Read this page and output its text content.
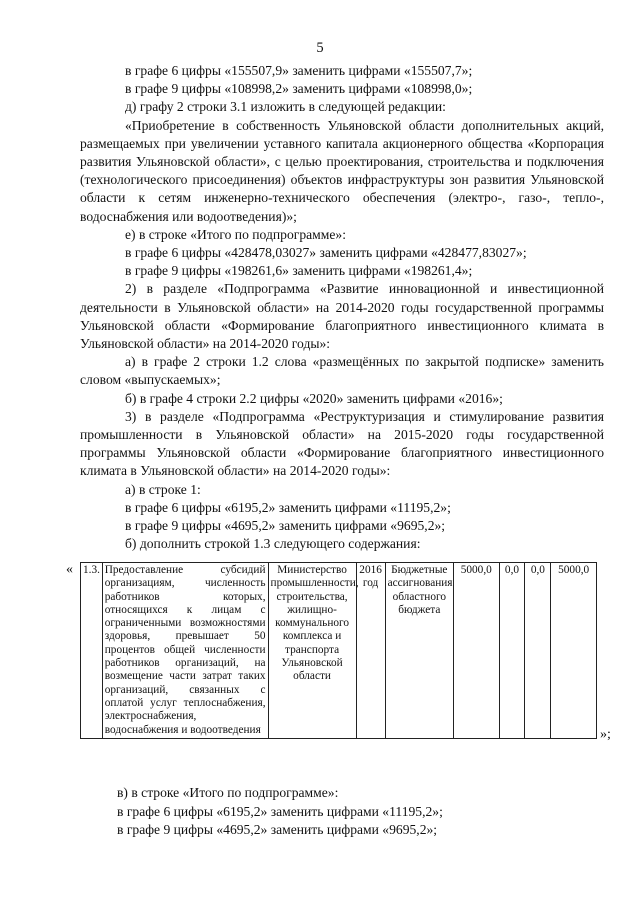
5

в графе 6 цифры «155507,9» заменить цифрами «155507,7»;

в графе 9 цифры «108998,2» заменить цифрами «108998,0»;

д) графу 2 строки 3.1 изложить в следующей редакции:

«Приобретение в собственность Ульяновской области дополнительных акций, размещаемых при увеличении уставного капитала акционерного общества «Корпорация развития Ульяновской области», с целью проектирования, строительства и подключения (технологического присоединения) объектов инфраструктуры зон развития Ульяновской области к сетям инженерно-технического обеспечения (электро-, газо-, тепло-, водоснабжения или водоотведения)»;

е) в строке «Итого по подпрограмме»:

в графе 6 цифры «428478,03027» заменить цифрами «428477,83027»;

в графе 9 цифры «198261,6» заменить цифрами «198261,4»;

2) в разделе «Подпрограмма «Развитие инновационной и инвестиционной деятельности в Ульяновской области» на 2014-2020 годы государственной программы Ульяновской области «Формирование благоприятного инвестиционного климата в Ульяновской области» на 2014-2020 годы»:

а) в графе 2 строки 1.2 слова «размещённых по закрытой подписке» заменить словом «выпускаемых»;

б) в графе 4 строки 2.2 цифры «2020» заменить цифрами «2016»;

3) в разделе «Подпрограмма «Реструктуризация и стимулирование развития промышленности в Ульяновской области» на 2015-2020 годы государственной программы Ульяновской области «Формирование благоприятного инвестиционного климата в Ульяновской области» на 2014-2020 годы»:

а) в строке 1:

в графе 6 цифры «6195,2» заменить цифрами «11195,2»;

в графе 9 цифры «4695,2» заменить цифрами «9695,2»;

б) дополнить строкой 1.3 следующего содержания:

« 1.3.	Предоставление субсидий организациям, численность работников которых, относящихся к лицам с ограниченными возможностями здоровья, превышает 50 процентов общей численности работников организаций, на возмещение части затрат таких организаций, связанных с оплатой услуг теплоснабжения, электроснабжения, водоснабжения и водоотведения	Министерство промышленности, строительства, жилищно-коммунального комплекса и транспорта Ульяновской области	2016 год	Бюджетные ассигнования областного бюджета	5000,0	0,0	0,0	5000,0
»;

в) в строке «Итого по подпрограмме»:

в графе 6 цифры «6195,2» заменить цифрами «11195,2»;

в графе 9 цифры «4695,2» заменить цифрами «9695,2»;
